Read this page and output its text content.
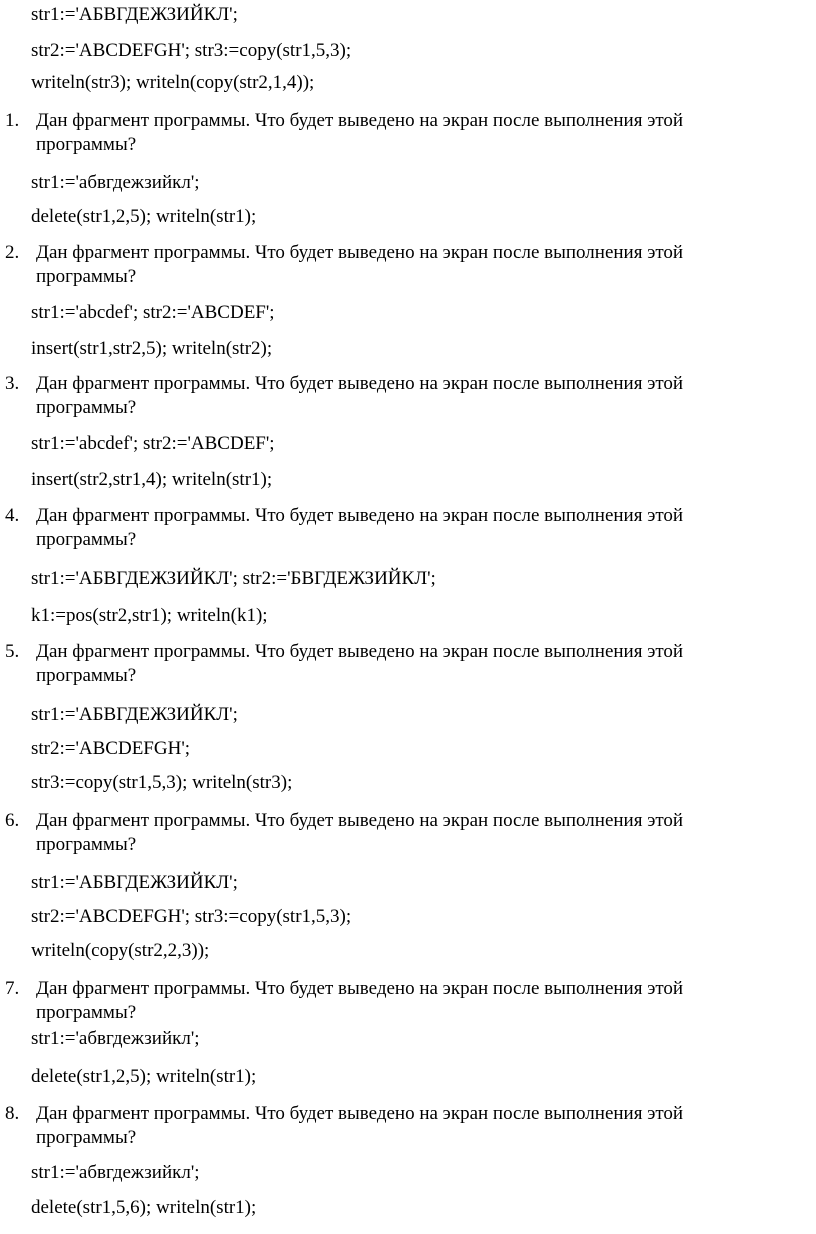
str1:='АБВГДЕЖЗИЙКЛ';
str2:='ABCDEFGH'; str3:=copy(str1,5,3);
writeln(str3); writeln(copy(str2,1,4));
1. Дан фрагмент программы. Что будет выведено на экран после выполнения этой
программы?
str1:='абвгдежзийкл';
delete(str1,2,5); writeln(str1);
2. Дан фрагмент программы. Что будет выведено на экран после выполнения этой
программы?
str1:='abcdef'; str2:='ABCDEF';
insert(str1,str2,5); writeln(str2);
3. Дан фрагмент программы. Что будет выведено на экран после выполнения этой
программы?
str1:='abcdef'; str2:='ABCDEF';
insert(str2,str1,4); writeln(str1);
4. Дан фрагмент программы. Что будет выведено на экран после выполнения этой
программы?
str1:='АБВГДЕЖЗИЙКЛ'; str2:='БВГДЕЖЗИЙКЛ';
k1:=pos(str2,str1); writeln(k1);
5. Дан фрагмент программы. Что будет выведено на экран после выполнения этой
программы?
str1:='АБВГДЕЖЗИЙКЛ';
str2:='ABCDEFGH';
str3:=copy(str1,5,3); writeln(str3);
6. Дан фрагмент программы. Что будет выведено на экран после выполнения этой
программы?
str1:='АБВГДЕЖЗИЙКЛ';
str2:='ABCDEFGH'; str3:=copy(str1,5,3);
writeln(copy(str2,2,3));
7. Дан фрагмент программы. Что будет выведено на экран после выполнения этой
программы?
str1:='абвгдежзийкл';
delete(str1,2,5); writeln(str1);
8. Дан фрагмент программы. Что будет выведено на экран после выполнения этой
программы?
str1:='абвгдежзийкл';
delete(str1,5,6); writeln(str1);
